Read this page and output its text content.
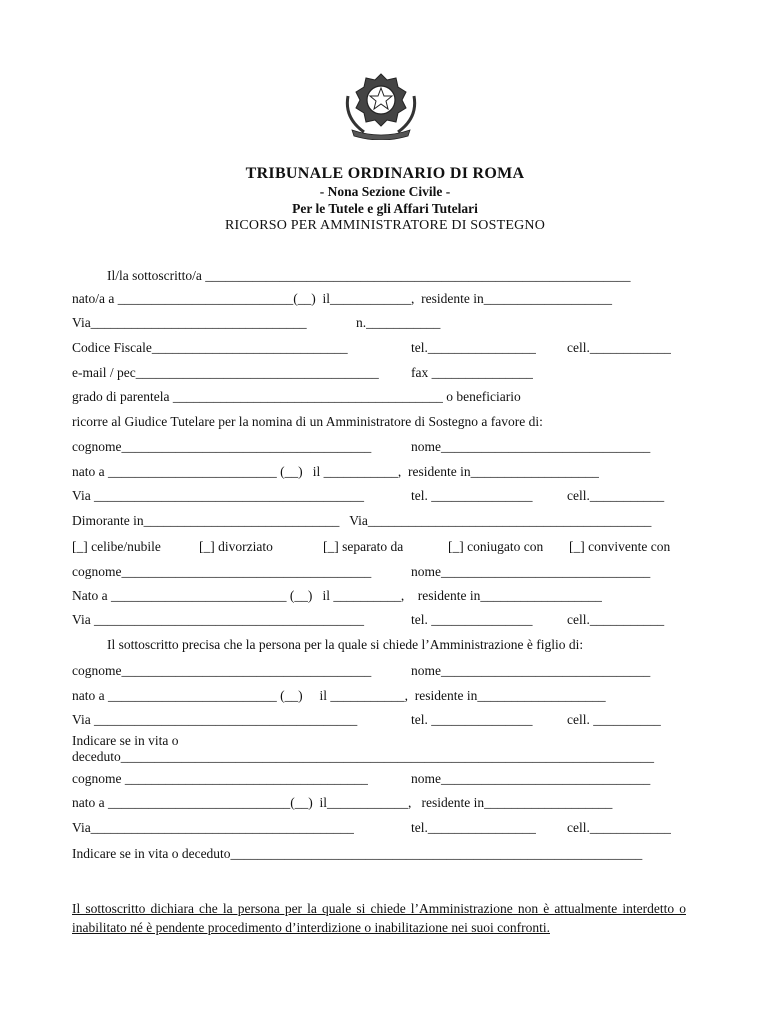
TRIBUNALE ORDINARIO DI ROMA
- Nona Sezione Civile -
Per le Tutele e gli Affari Tutelari
RICORSO PER AMMINISTRATORE DI SOSTEGNO
Il/la sottoscritto/a _______________________________________________________________
nato/a a __________________________(__)  il____________,  residente in___________________
Via________________________________	n.___________
Codice Fiscale_____________________________	tel.________________ cell.____________
e-mail / pec____________________________________ fax _______________
grado di parentela ________________________________________ o beneficiario
ricorre al Giudice Tutelare per la nomina di un Amministratore di Sostegno a favore di:
cognome_____________________________________	nome_______________________________
nato a _________________________ (__)   il ___________,  residente in___________________
Via ________________________________________	tel. _______________	cell.___________
Dimorante in_____________________________   Via__________________________________________
[_] celibe/nubile	[_] divorziato	[_] separato da	[_] coniugato con [_] convivente con
cognome_____________________________________	nome_______________________________
Nato a __________________________ (__)   il __________,    residente in__________________
Via ________________________________________	tel. _______________	cell.___________
Il sottoscritto precisa che la persona per la quale si chiede l’Amministrazione è figlio di:
cognome_____________________________________	nome_______________________________
nato a _________________________ (__)     il ___________,  residente in___________________
Via _______________________________________	tel. _______________	cell. __________
Indicare se in vita o
deceduto_______________________________________________________________________________
cognome ____________________________________	nome_______________________________
nato a ___________________________(__)  il____________,   residente in___________________
Via_______________________________________	tel.________________ cell.____________
Indicare se in vita o deceduto_____________________________________________________________
Il sottoscritto dichiara che la persona per la quale si chiede l’Amministrazione non è attualmente interdetto o inabilitato né è pendente procedimento d’interdizione o inabilitazione nei suoi confronti.
